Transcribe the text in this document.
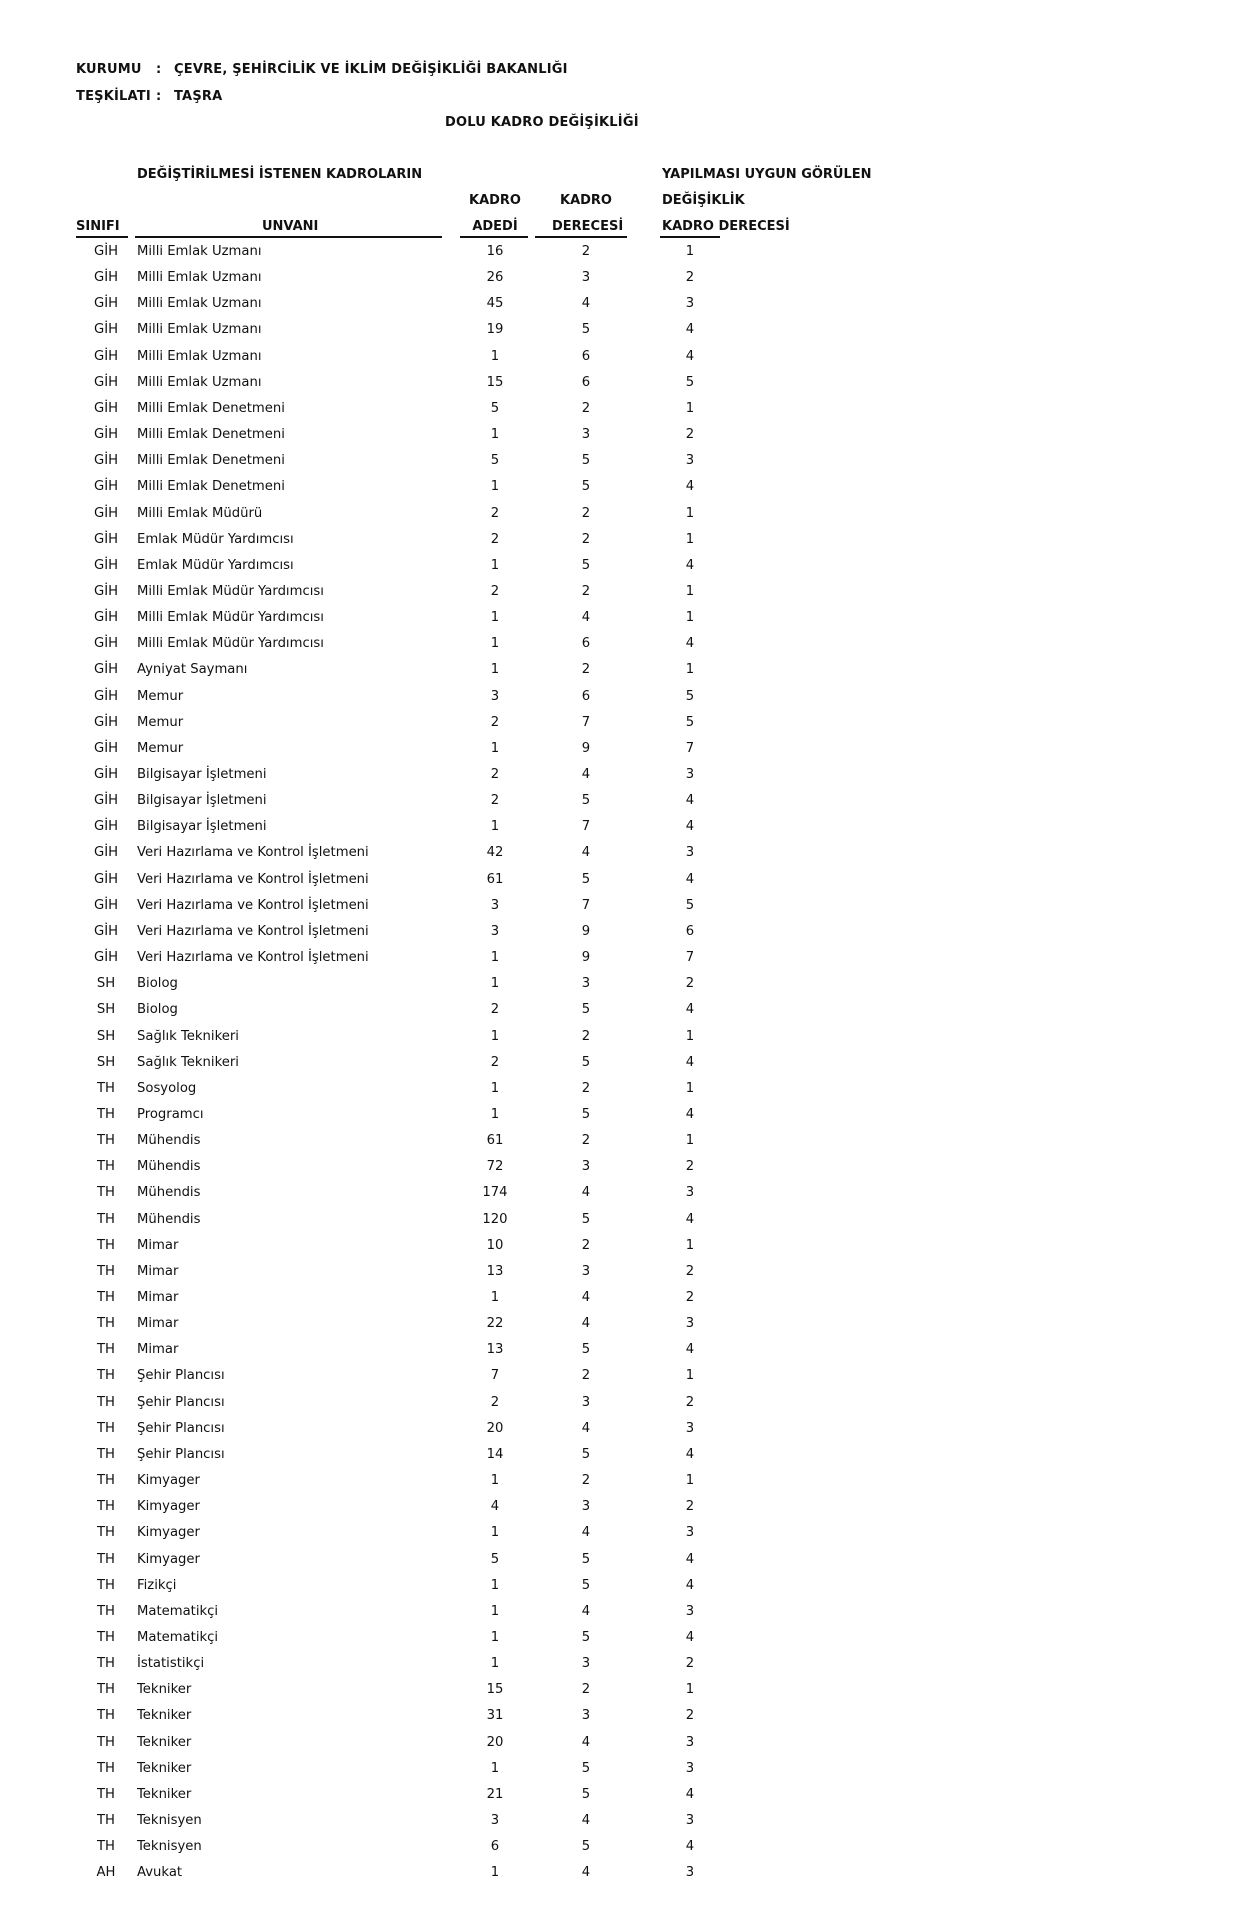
KURUMU : ÇEVRE, ŞEHİRCİLİK VE İKLİM DEĞİŞİKLİĞİ BAKANLIĞI
TEŞKİLATI : TAŞRA
DOLU KADRO DEĞİŞİKLİĞİ
DEĞİŞTİRİLMESİ İSTENEN KADROLARIN	YAPILMASI UYGUN GÖRÜLEN
DEĞİŞİKLİK
KADRO	KADRO
SINIFI	UNVANI	ADEDİ	DERECESİ	KADRO DERECESİ
GİH	Milli Emlak Uzmanı	16	2	1
GİH	Milli Emlak Uzmanı	26	3	2
GİH	Milli Emlak Uzmanı	45	4	3
GİH	Milli Emlak Uzmanı	19	5	4
GİH	Milli Emlak Uzmanı	1	6	4
GİH	Milli Emlak Uzmanı	15	6	5
GİH	Milli Emlak Denetmeni	5	2	1
GİH	Milli Emlak Denetmeni	1	3	2
GİH	Milli Emlak Denetmeni	5	5	3
GİH	Milli Emlak Denetmeni	1	5	4
GİH	Milli Emlak Müdürü	2	2	1
GİH	Emlak Müdür Yardımcısı	2	2	1
GİH	Emlak Müdür Yardımcısı	1	5	4
GİH	Milli Emlak Müdür Yardımcısı	2	2	1
GİH	Milli Emlak Müdür Yardımcısı	1	4	1
GİH	Milli Emlak Müdür Yardımcısı	1	6	4
GİH	Ayniyat Saymanı	1	2	1
GİH	Memur	3	6	5
GİH	Memur	2	7	5
GİH	Memur	1	9	7
GİH	Bilgisayar İşletmeni	2	4	3
GİH	Bilgisayar İşletmeni	2	5	4
GİH	Bilgisayar İşletmeni	1	7	4
GİH	Veri Hazırlama ve Kontrol İşletmeni	42	4	3
GİH	Veri Hazırlama ve Kontrol İşletmeni	61	5	4
GİH	Veri Hazırlama ve Kontrol İşletmeni	3	7	5
GİH	Veri Hazırlama ve Kontrol İşletmeni	3	9	6
GİH	Veri Hazırlama ve Kontrol İşletmeni	1	9	7
SH	Biolog	1	3	2
SH	Biolog	2	5	4
SH	Sağlık Teknikeri	1	2	1
SH	Sağlık Teknikeri	2	5	4
TH	Sosyolog	1	2	1
TH	Programcı	1	5	4
TH	Mühendis	61	2	1
TH	Mühendis	72	3	2
TH	Mühendis	174	4	3
TH	Mühendis	120	5	4
TH	Mimar	10	2	1
TH	Mimar	13	3	2
TH	Mimar	1	4	2
TH	Mimar	22	4	3
TH	Mimar	13	5	4
TH	Şehir Plancısı	7	2	1
TH	Şehir Plancısı	2	3	2
TH	Şehir Plancısı	20	4	3
TH	Şehir Plancısı	14	5	4
TH	Kimyager	1	2	1
TH	Kimyager	4	3	2
TH	Kimyager	1	4	3
TH	Kimyager	5	5	4
TH	Fizikçi	1	5	4
TH	Matematikçi	1	4	3
TH	Matematikçi	1	5	4
TH	İstatistikçi	1	3	2
TH	Tekniker	15	2	1
TH	Tekniker	31	3	2
TH	Tekniker	20	4	3
TH	Tekniker	1	5	3
TH	Tekniker	21	5	4
TH	Teknisyen	3	4	3
TH	Teknisyen	6	5	4
AH	Avukat	1	4	3
